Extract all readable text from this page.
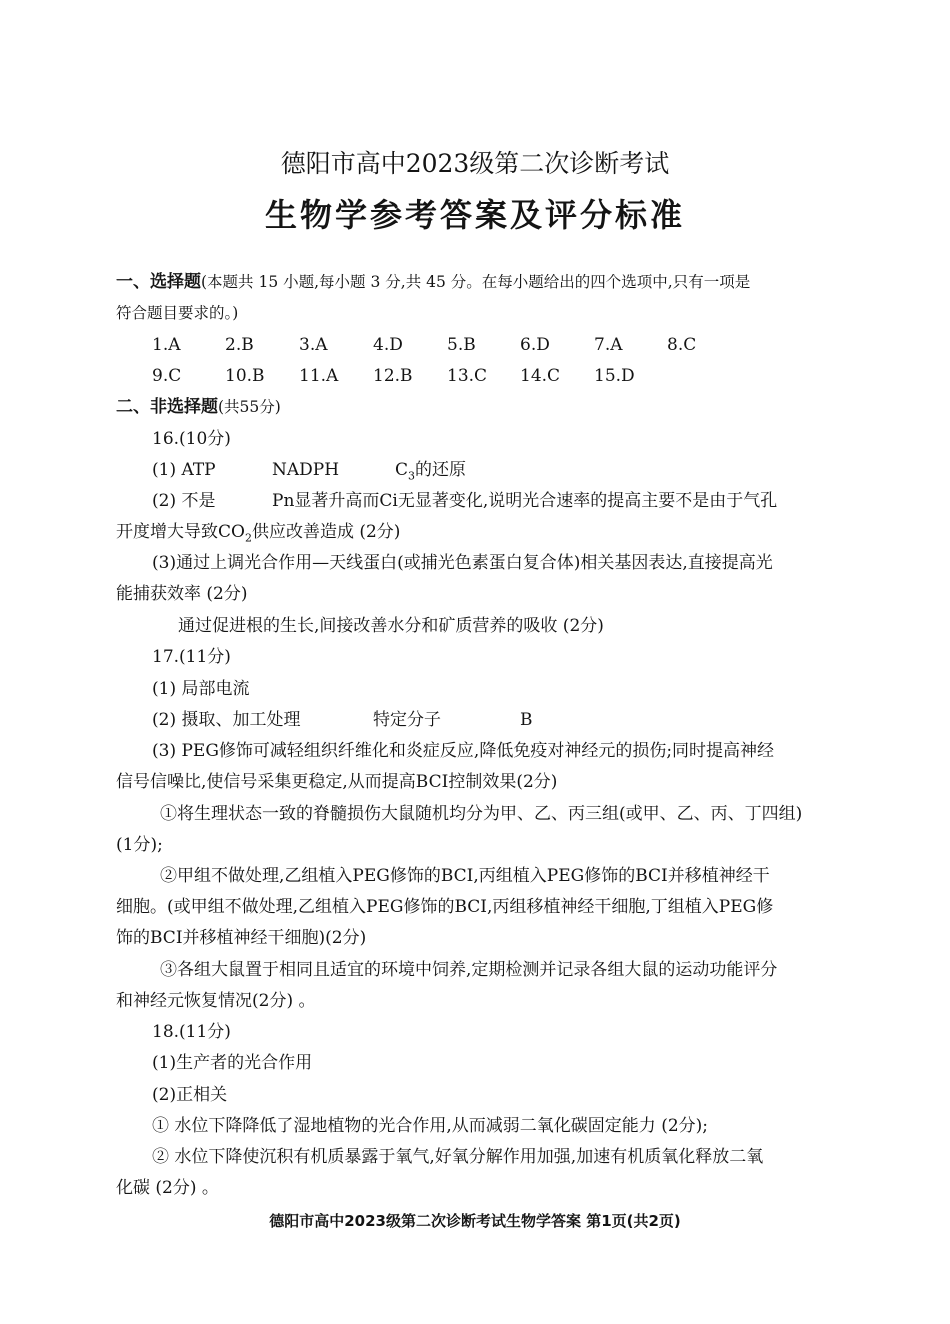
德阳市高中2023级第二次诊断考试
生物学参考答案及评分标准
一、选择题(本题共 15 小题,每小题 3 分,共 45 分。在每小题给出的四个选项中,只有一项是
符合题目要求的。)
1.A	2.B	3.A	4.D	5.B	6.D	7.A	8.C
9.C	10.B 11.A 12.B 13.C 14.C 15.D
二、非选择题(共55分)
16.(10分)
(1) ATP	NADPH	$C_3$的还原
(2) 不是	Pn显著升高而Ci无显著变化,说明光合速率的提高主要不是由于气孔
开度增大导致$CO_2$供应改善造成 (2分)
(3)通过上调光合作用—天线蛋白(或捕光色素蛋白复合体)相关基因表达,直接提高光
能捕获效率 (2分)
通过促进根的生长,间接改善水分和矿质营养的吸收 (2分)
17.(11分)
(1) 局部电流
(2) 摄取、加工处理	特定分子	B
(3) PEG修饰可减轻组织纤维化和炎症反应,降低免疫对神经元的损伤;同时提高神经
信号信噪比,使信号采集更稳定,从而提高BCI控制效果(2分)
①将生理状态一致的脊髓损伤大鼠随机均分为甲、乙、丙三组(或甲、乙、丙、丁四组)
(1分);
②甲组不做处理,乙组植入PEG修饰的BCI,丙组植入PEG修饰的BCI并移植神经干
细胞。(或甲组不做处理,乙组植入PEG修饰的BCI,丙组移植神经干细胞,丁组植入PEG修
饰的BCI并移植神经干细胞)(2分)
③各组大鼠置于相同且适宜的环境中饲养,定期检测并记录各组大鼠的运动功能评分
和神经元恢复情况(2分) 。
18.(11分)
(1)生产者的光合作用
(2)正相关
① 水位下降降低了湿地植物的光合作用,从而减弱二氧化碳固定能力 (2分);
② 水位下降使沉积有机质暴露于氧气,好氧分解作用加强,加速有机质氧化释放二氧
化碳 (2分) 。
德阳市高中2023级第二次诊断考试生物学答案 第1页(共2页)
